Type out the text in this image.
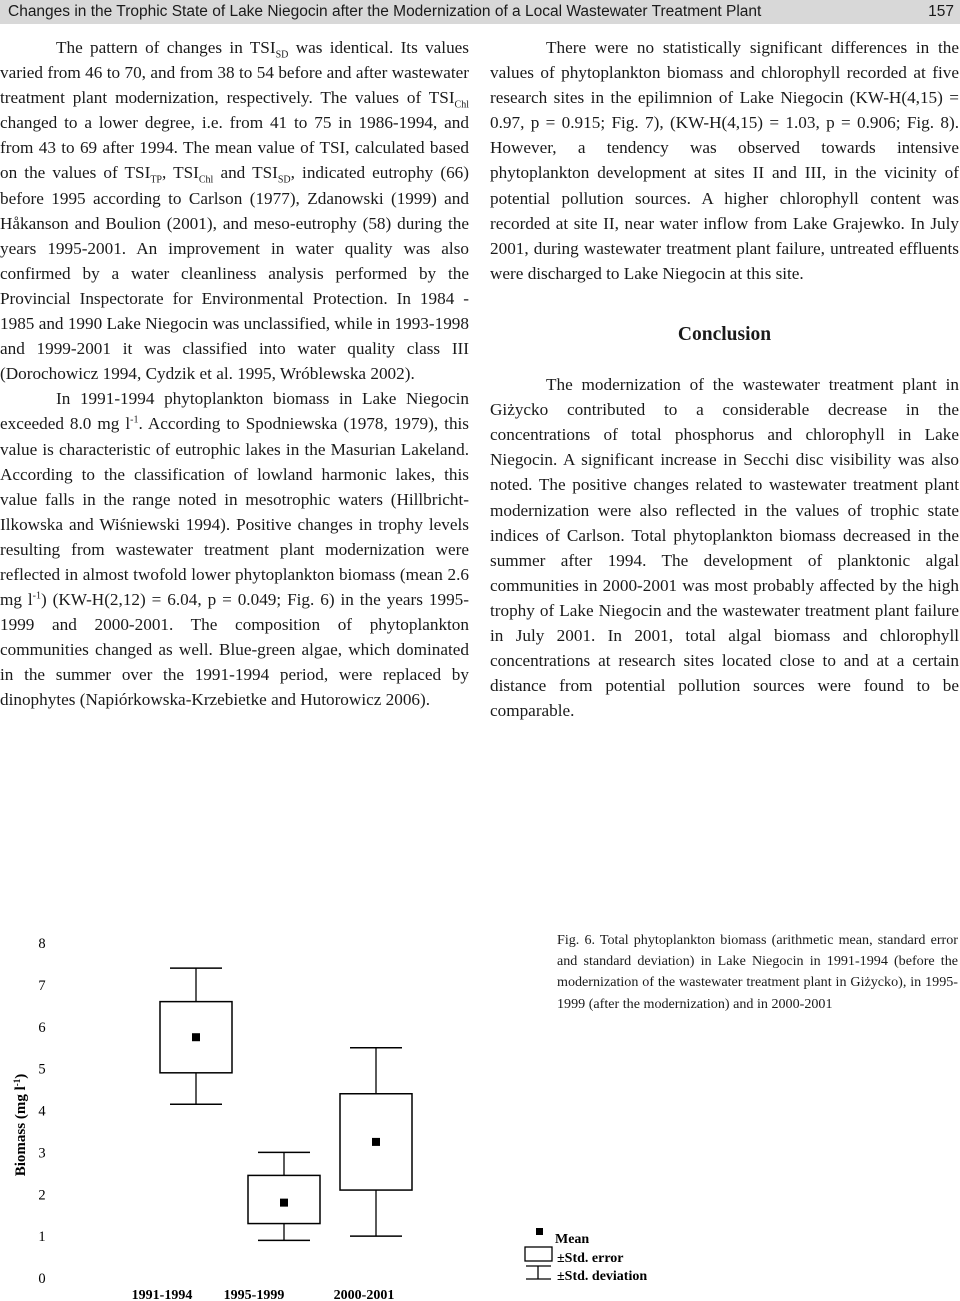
Changes in the Trophic State of Lake Niegocin after the Modernization of a Local Wastewater Treatment Plant	157

The pattern of changes in $TSI_{SD}$ was identical. Its values varied from 46 to 70, and from 38 to 54 before and after wastewater treatment plant modernization, respectively. The values of $TSI_{Chl}$ changed to a lower degree, i.e. from 41 to 75 in 1986-1994, and from 43 to 69 after 1994. The mean value of TSI, calculated based on the values of $TSI_{TP}$, $TSI_{Chl}$ and $TSI_{SD}$, indicated eutrophy (66) before 1995 according to Carlson (1977), Zdanowski (1999) and Håkanson and Boulion (2001), and meso-eutrophy (58) during the years 1995-2001. An improvement in water quality was also confirmed by a water cleanliness analysis performed by the Provincial Inspectorate for Environmental Protection. In 1984 - 1985 and 1990 Lake Niegocin was unclassified, while in 1993-1998 and 1999-2001 it was classified into water quality class III (Dorochowicz 1994, Cydzik et al. 1995, Wróblewska 2002).

In 1991-1994 phytoplankton biomass in Lake Niegocin exceeded 8.0 mg $l^{-1}$. According to Spodniewska (1978, 1979), this value is characteristic of eutrophic lakes in the Masurian Lakeland. According to the classification of lowland harmonic lakes, this value falls in the range noted in mesotrophic waters (Hillbricht-Ilkowska and Wiśniewski 1994). Positive changes in trophy levels resulting from wastewater treatment plant modernization were reflected in almost twofold lower phytoplankton biomass (mean 2.6 mg $l^{-1}$) (KW-H(2,12) = 6.04, p = 0.049; Fig. 6) in the years 1995-1999 and 2000-2001. The composition of phytoplankton communities changed as well. Blue-green algae, which dominated in the summer over the 1991-1994 period, were replaced by dinophytes (Napiórkowska-Krzebietke and Hutorowicz 2006).

There were no statistically significant differences in the values of phytoplankton biomass and chlorophyll recorded at five research sites in the epilimnion of Lake Niegocin (KW-H(4,15) = 0.97, p = 0.915; Fig. 7), (KW-H(4,15) = 1.03, p = 0.906; Fig. 8). However, a tendency was observed towards intensive phytoplankton development at sites II and III, in the vicinity of potential pollution sources. A higher chlorophyll content was recorded at site II, near water inflow from Lake Grajewko. In July 2001, during wastewater treatment plant failure, untreated effluents were discharged to Lake Niegocin at this site.

Conclusion

The modernization of the wastewater treatment plant in Giżycko contributed to a considerable decrease in the concentrations of total phosphorus and chlorophyll in Lake Niegocin. A significant increase in Secchi disc visibility was also noted. The positive changes related to wastewater treatment plant modernization were also reflected in the values of trophic state indices of Carlson. Total phytoplankton biomass decreased in the summer after 1994. The development of planktonic algal communities in 2000-2001 was most probably affected by the high trophy of Lake Niegocin and the wastewater treatment plant failure in July 2001. In 2001, total algal biomass and chlorophyll concentrations at research sites located close to and at a certain distance from potential pollution sources were found to be comparable.

Fig. 6. Total phytoplankton biomass (arithmetic mean, standard error and standard deviation) in Lake Niegocin in 1991-1994 (before the modernization of the wastewater treatment plant in Giżycko), in 1995-1999 (after the modernization) and in 2000-2001
0
1
2
3
4
5
6
7
8
Biomass (mg $l^{-1}$)
1991-1994 1995-1999	2000-2001
Mean
±Std. error
±Std. deviation
